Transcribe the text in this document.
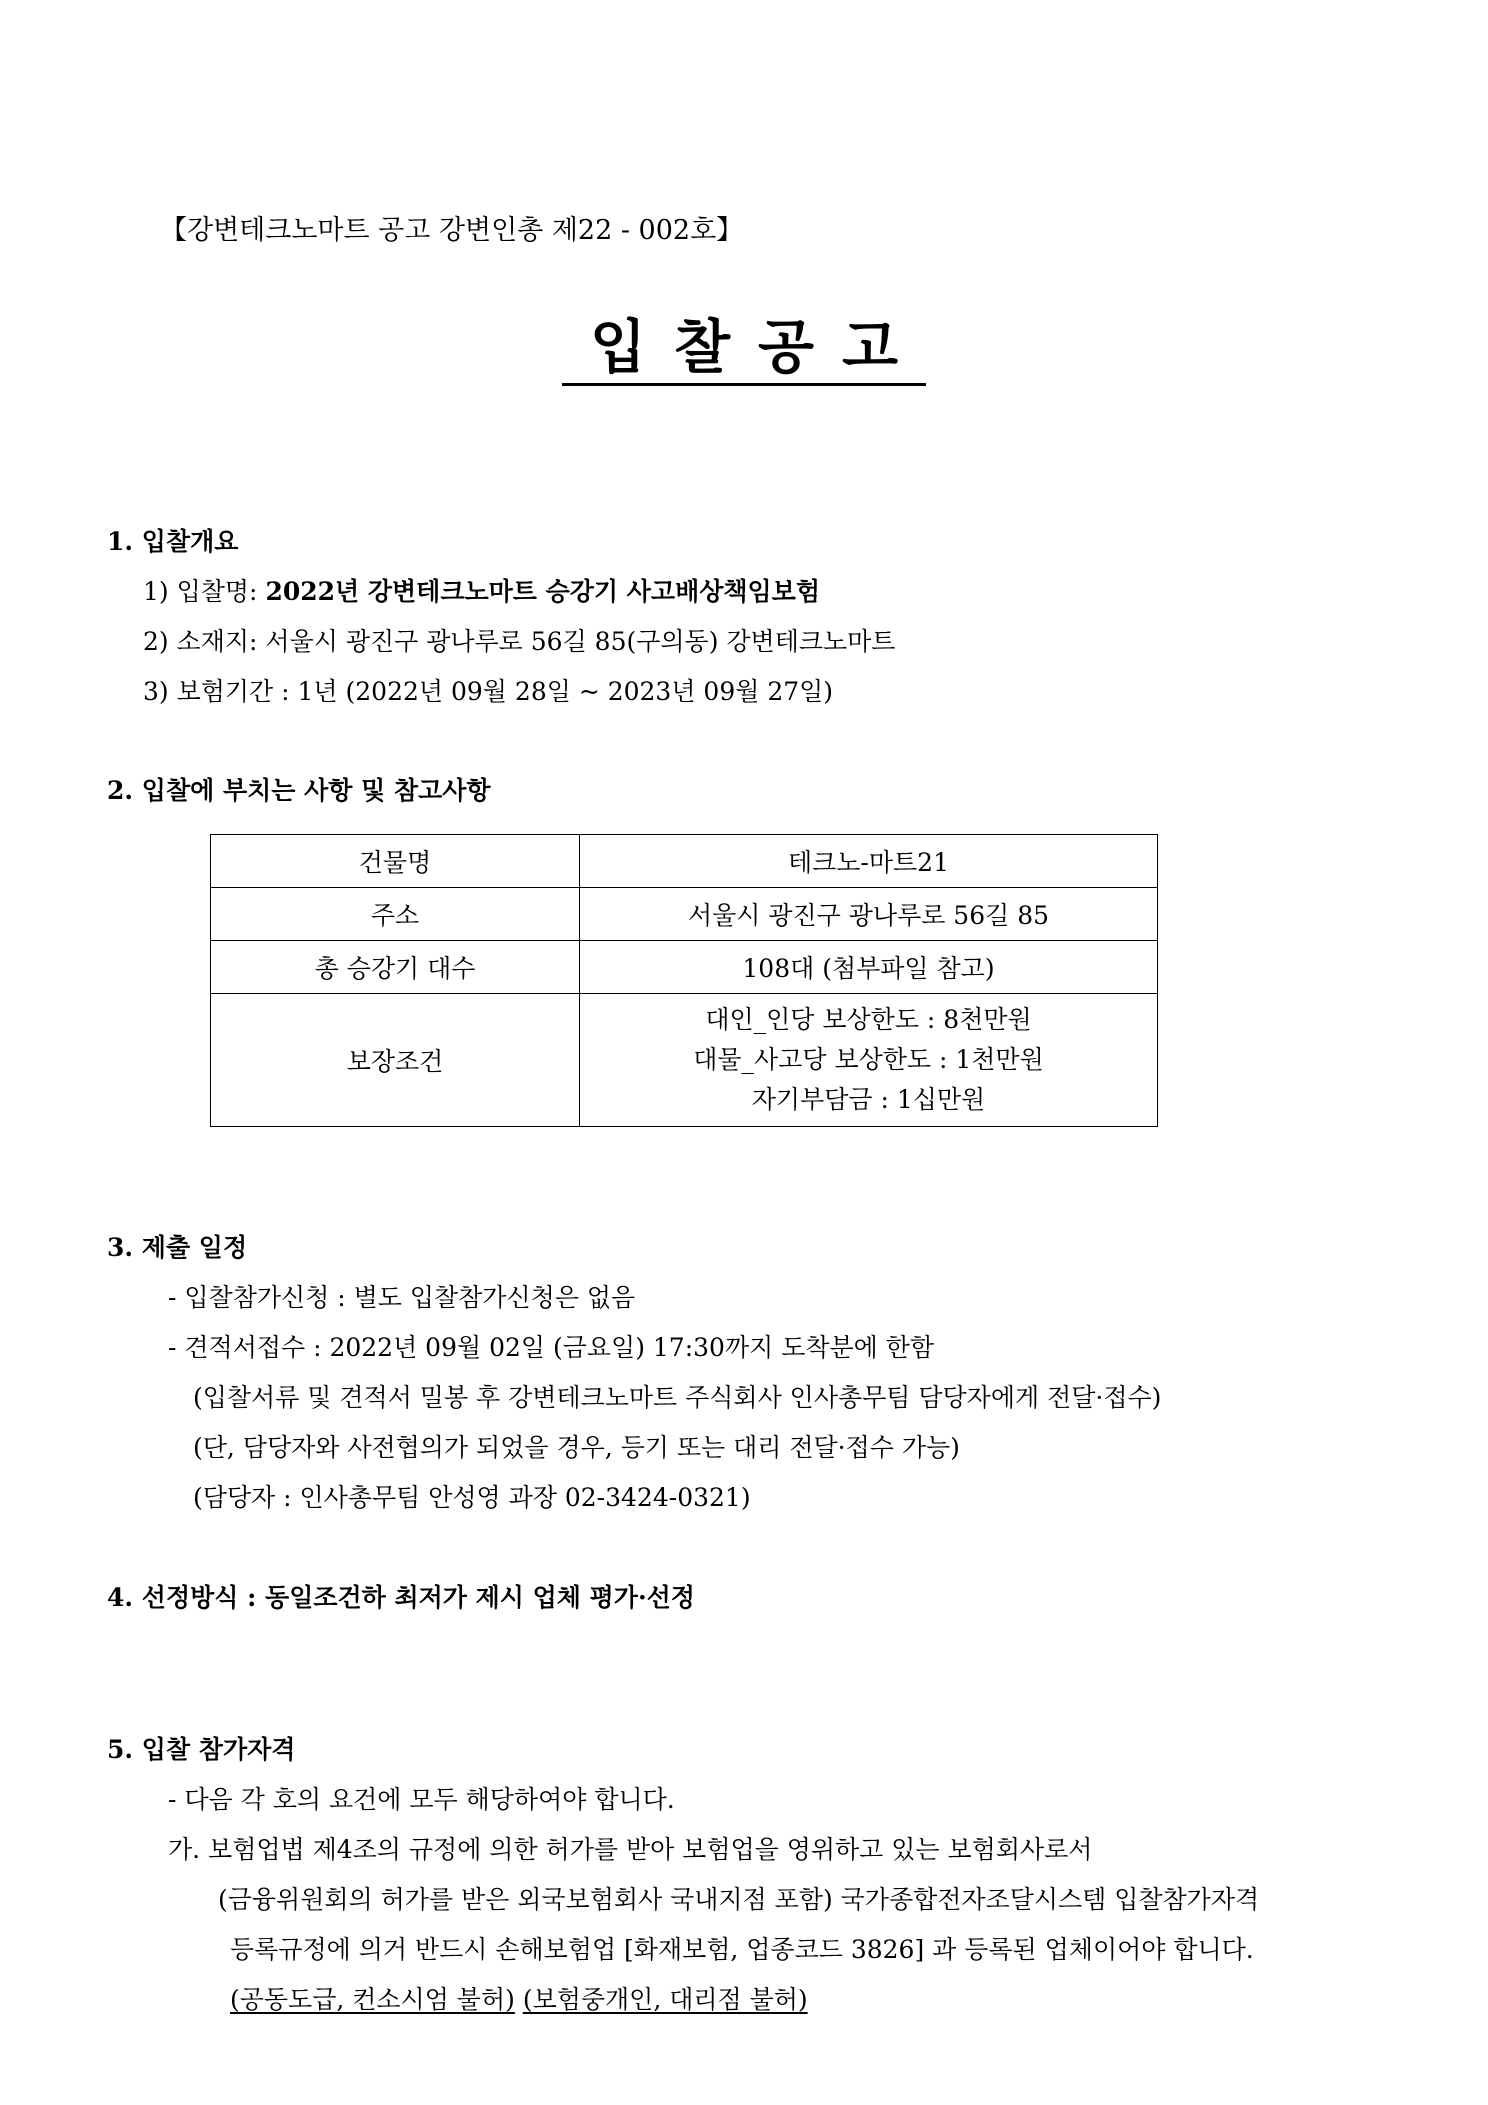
【강변테크노마트 공고 강변인총 제22 - 002호】
입찰공고
1. 입찰개요
1) 입찰명: 2022년 강변테크노마트 승강기 사고배상책임보험
2) 소재지: 서울시 광진구 광나루로 56길 85(구의동) 강변테크노마트
3) 보험기간 : 1년 (2022년 09월 28일 ~ 2023년 09월 27일)
2. 입찰에 부치는 사항 및 참고사항
건물명	테크노-마트21
주소	서울시 광진구 광나루로 56길 85
총 승강기 대수	108대 (첨부파일 참고)
보장조건	대인_인당 보상한도 : 8천만원
대물_사고당 보상한도 : 1천만원
자기부담금 : 1십만원
3. 제출 일정
- 입찰참가신청 : 별도 입찰참가신청은 없음
- 견적서접수 : 2022년 09월 02일 (금요일) 17:30까지 도착분에 한함
(입찰서류 및 견적서 밀봉 후 강변테크노마트 주식회사 인사총무팀 담당자에게 전달·접수)
(단, 담당자와 사전협의가 되었을 경우, 등기 또는 대리 전달·접수 가능)
(담당자 : 인사총무팀 안성영 과장 02-3424-0321)
4. 선정방식 : 동일조건하 최저가 제시 업체 평가·선정
5. 입찰 참가자격
- 다음 각 호의 요건에 모두 해당하여야 합니다.
가. 보험업법 제4조의 규정에 의한 허가를 받아 보험업을 영위하고 있는 보험회사로서
(금융위원회의 허가를 받은 외국보험회사 국내지점 포함) 국가종합전자조달시스템 입찰참가자격
등록규정에 의거 반드시 손해보험업 [화재보험, 업종코드 3826] 과 등록된 업체이어야 합니다.
(공동도급, 컨소시엄 불허) (보험중개인, 대리점 불허)
